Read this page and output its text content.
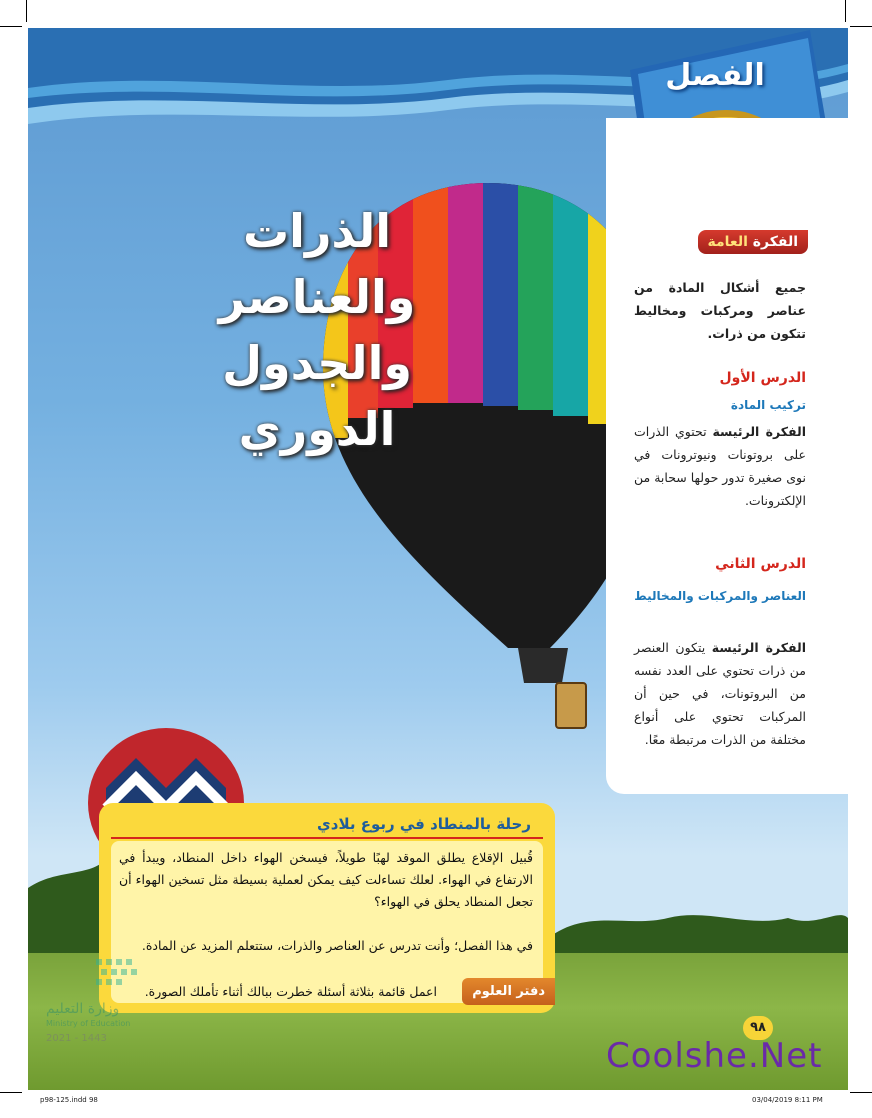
الفصل
الذرات والعناصر
والجدول الدوري
الفكرة العامة
جميع أشكال المادة من عناصر ومركبات ومخاليط تتكون من ذرات.
الدرس الأول
تركيب المادة
الفكرة الرئيسة تحتوي الذرات على بروتونات ونيوترونات في نوى صغيرة تدور حولها سحابة من الإلكترونات.
الدرس الثاني
العناصر والمركبات والمخاليط
الفكرة الرئيسة يتكون العنصر من ذرات تحتوي على العدد نفسه من البروتونات، في حين أن المركبات تحتوي على أنواع مختلفة من الذرات مرتبطة معًا.
رحلة بالمنطاد في ربوع بلادي
قُبيل الإقلاع يطلق الموقد لهبًا طويلاً، فيسخن الهواء داخل المنطاد، ويبدأ في الارتفاع في الهواء. لعلك تساءلت كيف يمكن لعملية بسيطة مثل تسخين الهواء أن تجعل المنطاد يحلق في الهواء؟
في هذا الفصل؛ وأنت تدرس عن العناصر والذرات، ستتعلم المزيد عن المادة.
دفتر العلوم
اعمل قائمة بثلاثة أسئلة خطرت ببالك أثناء تأملك الصورة.
وزارة التعليم
Ministry of Education
2021 - 1443
٩٨
Coolshe.Net
p98-125.indd 98	03/04/2019 8:11 PM
